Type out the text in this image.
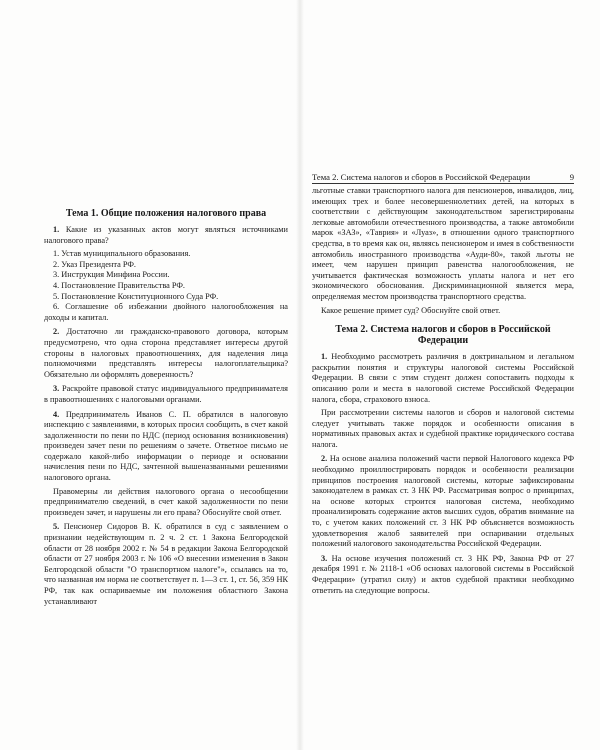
Тема 1. Общие положения налогового права

1. Какие из указанных актов могут являться источниками налогового права?

1. Устав муниципального образования.

2. Указ Президента РФ.

3. Инструкция Минфина России.

4. Постановление Правительства РФ.

5. Постановление Конституционного Суда РФ.

6. Соглашение об избежании двойного налогообложения на доходы и капитал.

2. Достаточно ли гражданско-правового договора, которым предусмотрено, что одна сторона представляет интересы другой стороны в налоговых правоотношениях, для наделения лица полномочиями представлять интересы налогоплательщика? Обязательно ли оформлять доверенность?

3. Раскройте правовой статус индивидуального предпринимателя в правоотношениях с налоговыми органами.

4. Предприниматель Иванов С. П. обратился в налоговую инспекцию с заявлениями, в которых просил сообщить, в счет какой задолженности по пени по НДС (период основания возникновения) произведен зачет пени по решениям о зачете. Ответное письмо не содержало какой-либо информации о периоде и основании начисления пени по НДС, зачтенной вышеназванными решениями налогового органа.

Правомерны ли действия налогового органа о несообщении предпринимателю сведений, в счет какой задолженности по пени произведен зачет, и нарушены ли его права? Обоснуйте свой ответ.

5. Пенсионер Сидоров В. К. обратился в суд с заявлением о признании недействующим п. 2 ч. 2 ст. 1 Закона Белгородской области от 28 ноября 2002 г. № 54 в редакции Закона Белгородской области от 27 ноября 2003 г. № 106 «О внесении изменения в Закон Белгородской области "О транспортном налоге"», ссылаясь на то, что названная им норма не соответствует п. 1—3 ст. 1, ст. 56, 359 НК РФ, так как оспариваемые им положения областного Закона устанавливают

Тема 2. Система налогов и сборов в Российской Федерации	9

льготные ставки транспортного налога для пенсионеров, инвалидов, лиц, имеющих трех и более несовершеннолетних детей, на которых в соответствии с действующим законодательством зарегистрированы легковые автомобили отечественного производства, а также автомобили марок «ЗАЗ», «Таврия» и «Луаз», в отношении одного транспортного средства, в то время как он, являясь пенсионером и имея в собственности автомобиль иностранного производства «Ауди-80», такой льготы не имеет, чем нарушен принцип равенства налогообложения, не учитывается фактическая возможность уплаты налога и нет его экономического обоснования. Дискриминационной является мера, определяемая местом производства транспортного средства.

Какое решение примет суд? Обоснуйте свой ответ.

Тема 2. Система налогов и сборов в Российской Федерации

1. Необходимо рассмотреть различия в доктринальном и легальном раскрытии понятия и структуры налоговой системы Российской Федерации. В связи с этим студент должен сопоставить подходы к описанию роли и места в налоговой системе Российской Федерации налога, сбора, страхового взноса.

При рассмотрении системы налогов и сборов и налоговой системы следует учитывать также порядок и особенности описания в нормативных правовых актах и судебной практике юридического состава налога.

2. На основе анализа положений части первой Налогового кодекса РФ необходимо проиллюстрировать порядок и особенности реализации принципов построения налоговой системы, которые зафиксированы законодателем в рамках ст. 3 НК РФ. Рассматривая вопрос о принципах, на основе которых строится налоговая система, необходимо проанализировать содержание актов высших судов, обратив внимание на то, с учетом каких положений ст. 3 НК РФ объясняется возможность удовлетворения жалоб заявителей при оспаривании отдельных положений налогового законодательства Российской Федерации.

3. На основе изучения положений ст. 3 НК РФ, Закона РФ от 27 декабря 1991 г. № 2118-1 «Об основах налоговой системы в Российской Федерации» (утратил силу) и актов судебной практики необходимо ответить на следующие вопросы.
